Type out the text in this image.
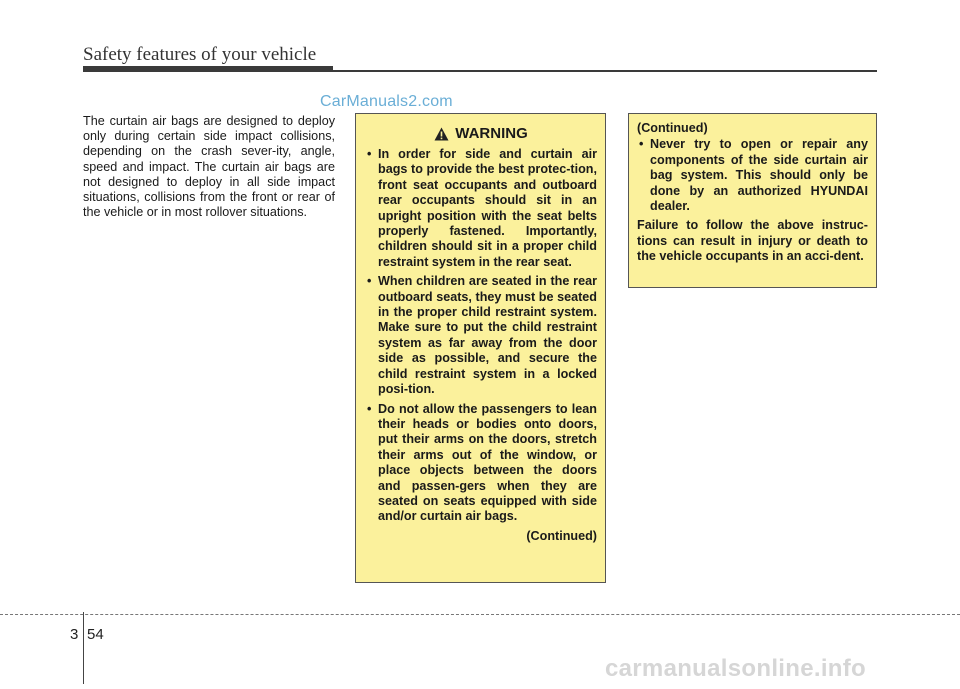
Safety features of your vehicle
CarManuals2.com

The curtain air bags are designed to deploy only during certain side impact collisions, depending on the crash sever-ity, angle, speed and impact. The curtain air bags are not designed to deploy in all side impact situations, collisions from the front or rear of the vehicle or in most rollover situations.

WARNING
• In order for side and curtain air bags to provide the best protec-tion, front seat occupants and outboard rear occupants should sit in an upright position with the seat belts properly fastened. Importantly, children should sit in a proper child restraint system in the rear seat.
• When children are seated in the rear outboard seats, they must be seated in the proper child restraint system. Make sure to put the child restraint system as far away from the door side as possible, and secure the child restraint system in a locked posi-tion.
• Do not allow the passengers to lean their heads or bodies onto doors, put their arms on the doors, stretch their arms out of the window, or place objects between the doors and passen-gers when they are seated on seats equipped with side and/or curtain air bags.
(Continued)
(Continued)
• Never try to open or repair any components of the side curtain air bag system. This should only be done by an authorized HYUNDAI dealer.

Failure to follow the above instruc-tions can result in injury or death to the vehicle occupants in an acci-dent.

3 54
carmanualsonline.info
